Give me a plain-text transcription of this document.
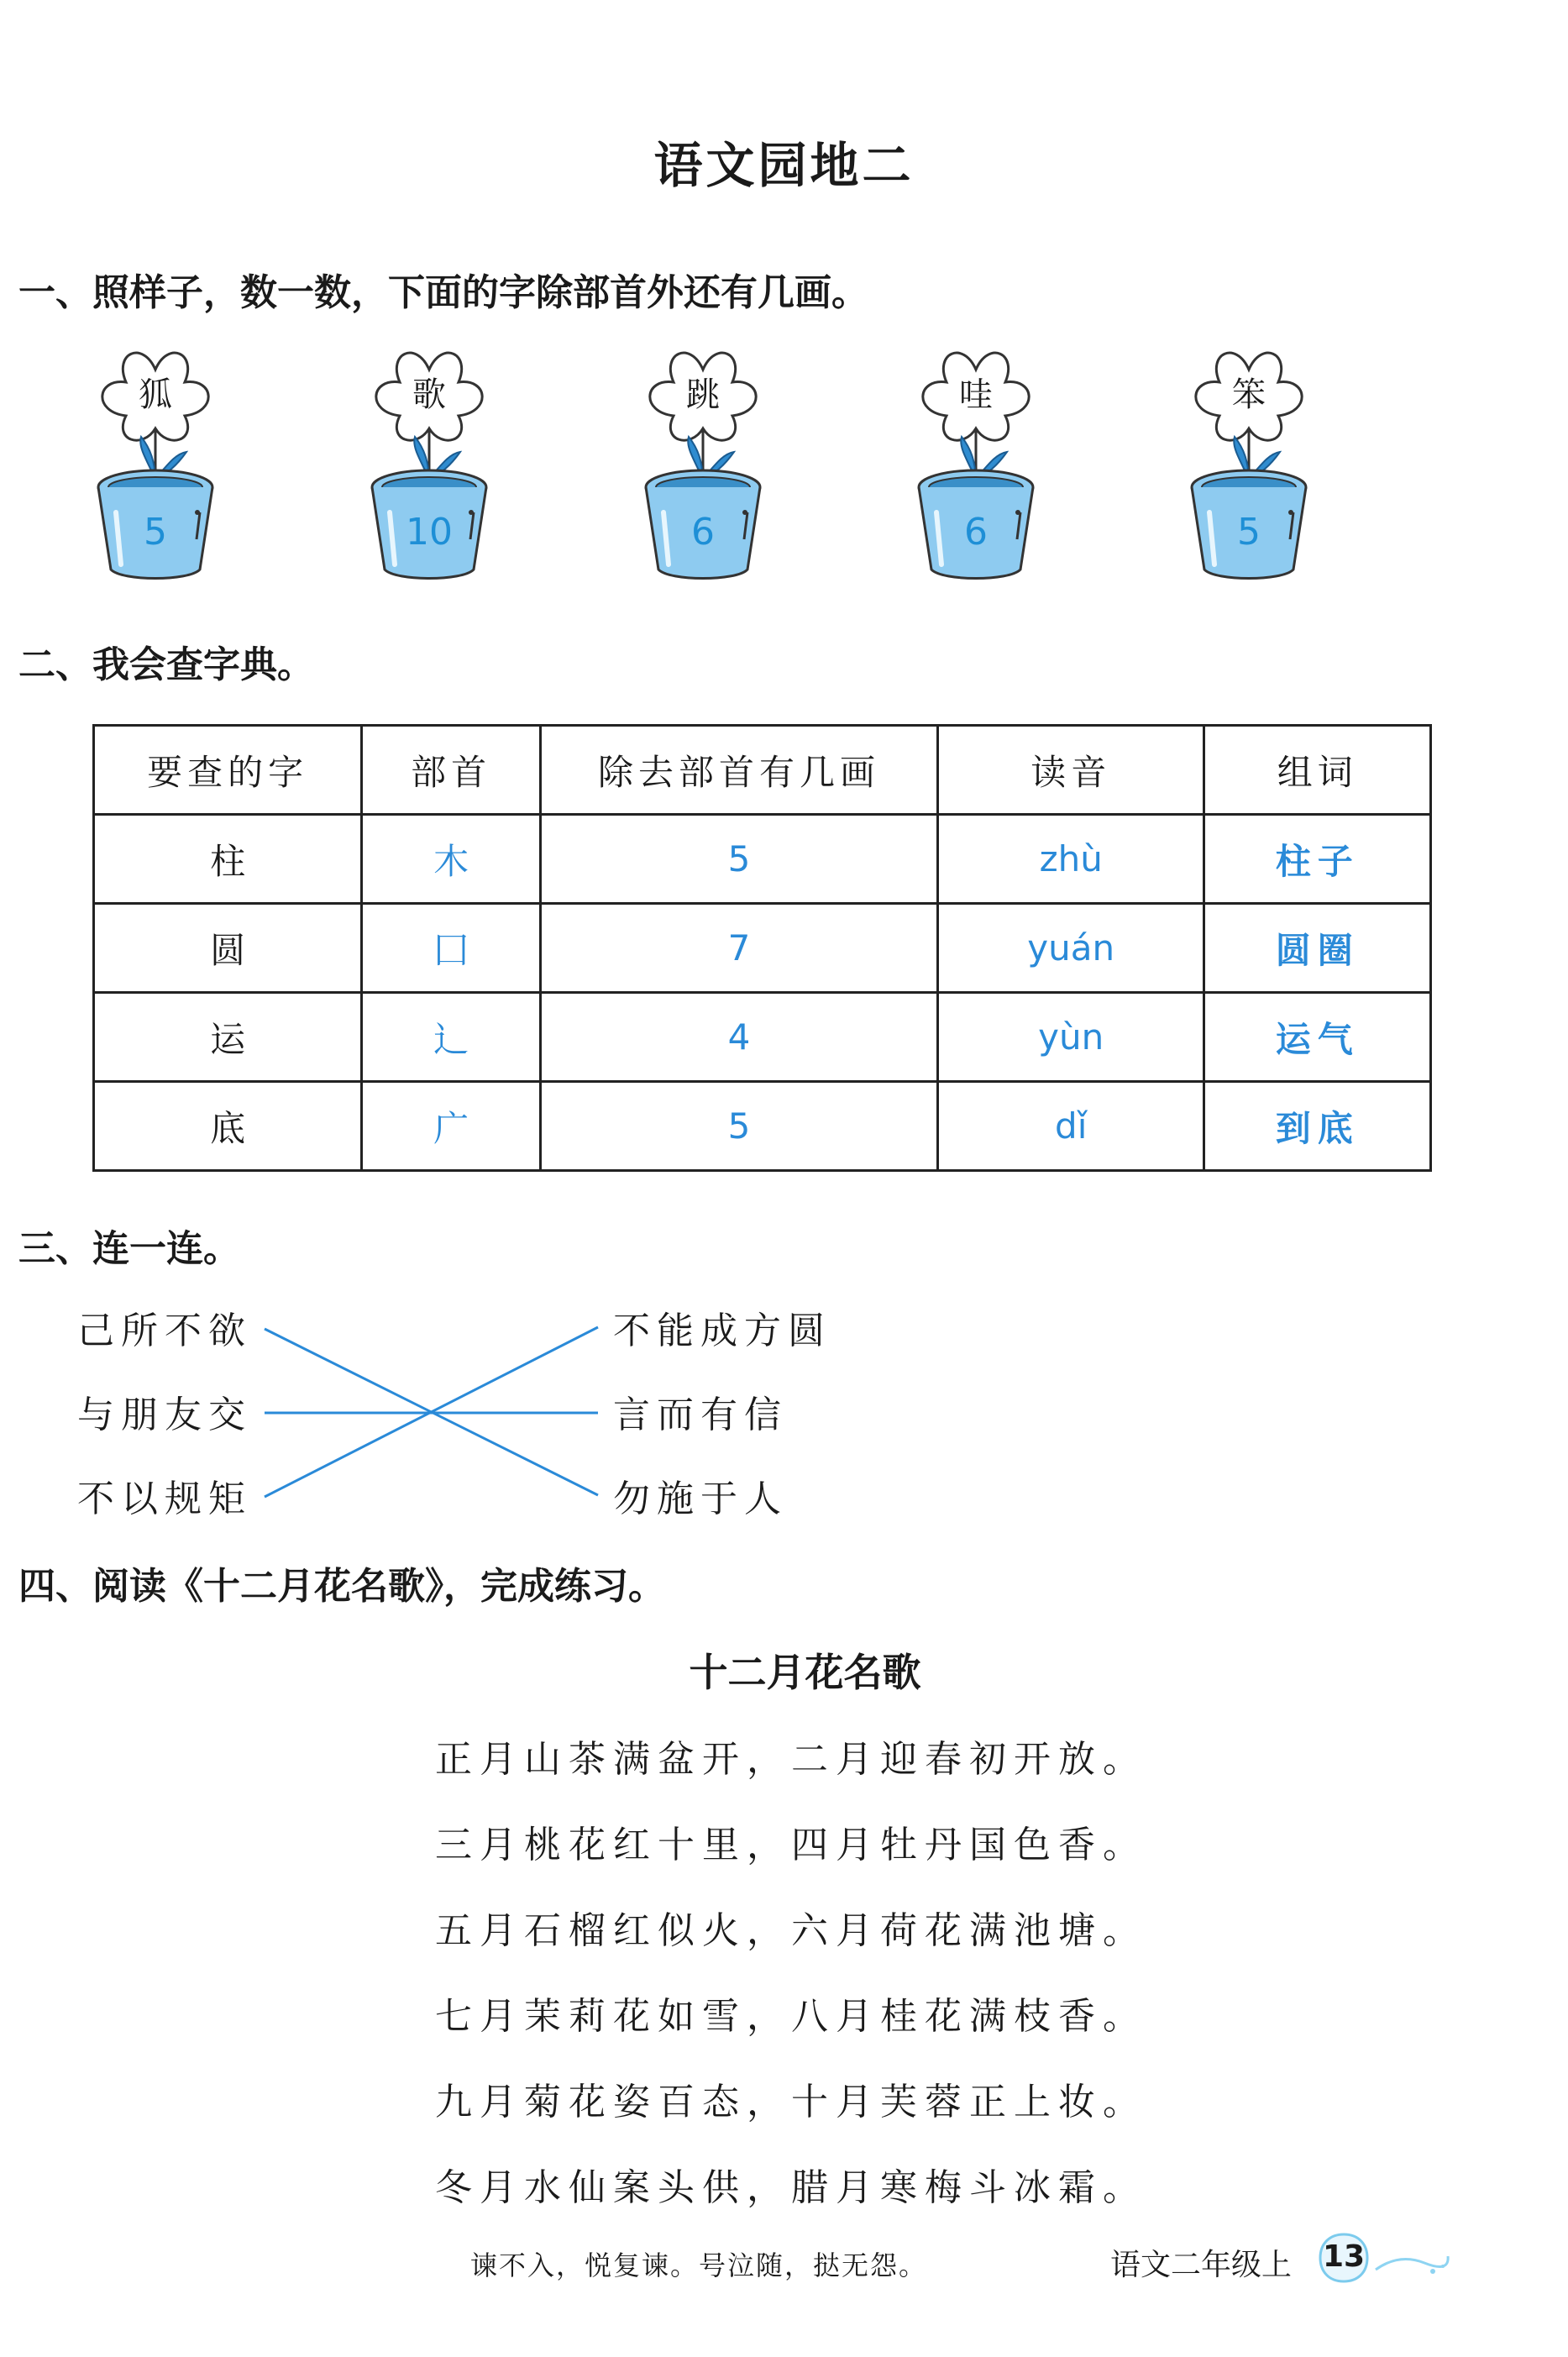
语文园地二
一、照样子，数一数，下面的字除部首外还有几画。
狐
5
歌
10
跳
6
哇
6
笨
5
二、我会查字典。
要查的字	部首	除去部首有几画	读音	组词
柱	木	5	zhù	柱子
圆	囗	7	yuán	圆圈
运	辶	4	yùn	运气
底	广	5	dǐ	到底
三、连一连。
己所不欲
与朋友交
不以规矩
不能成方圆
言而有信
勿施于人
四、阅读《十二月花名歌》，完成练习。
十二月花名歌
正月山茶满盆开，二月迎春初开放。
三月桃花红十里，四月牡丹国色香。
五月石榴红似火，六月荷花满池塘。
七月茉莉花如雪，八月桂花满枝香。
九月菊花姿百态，十月芙蓉正上妆。
冬月水仙案头供，腊月寒梅斗冰霜。
谏不入，悦复谏。号泣随，挞无怨。	语文二年级上 13
